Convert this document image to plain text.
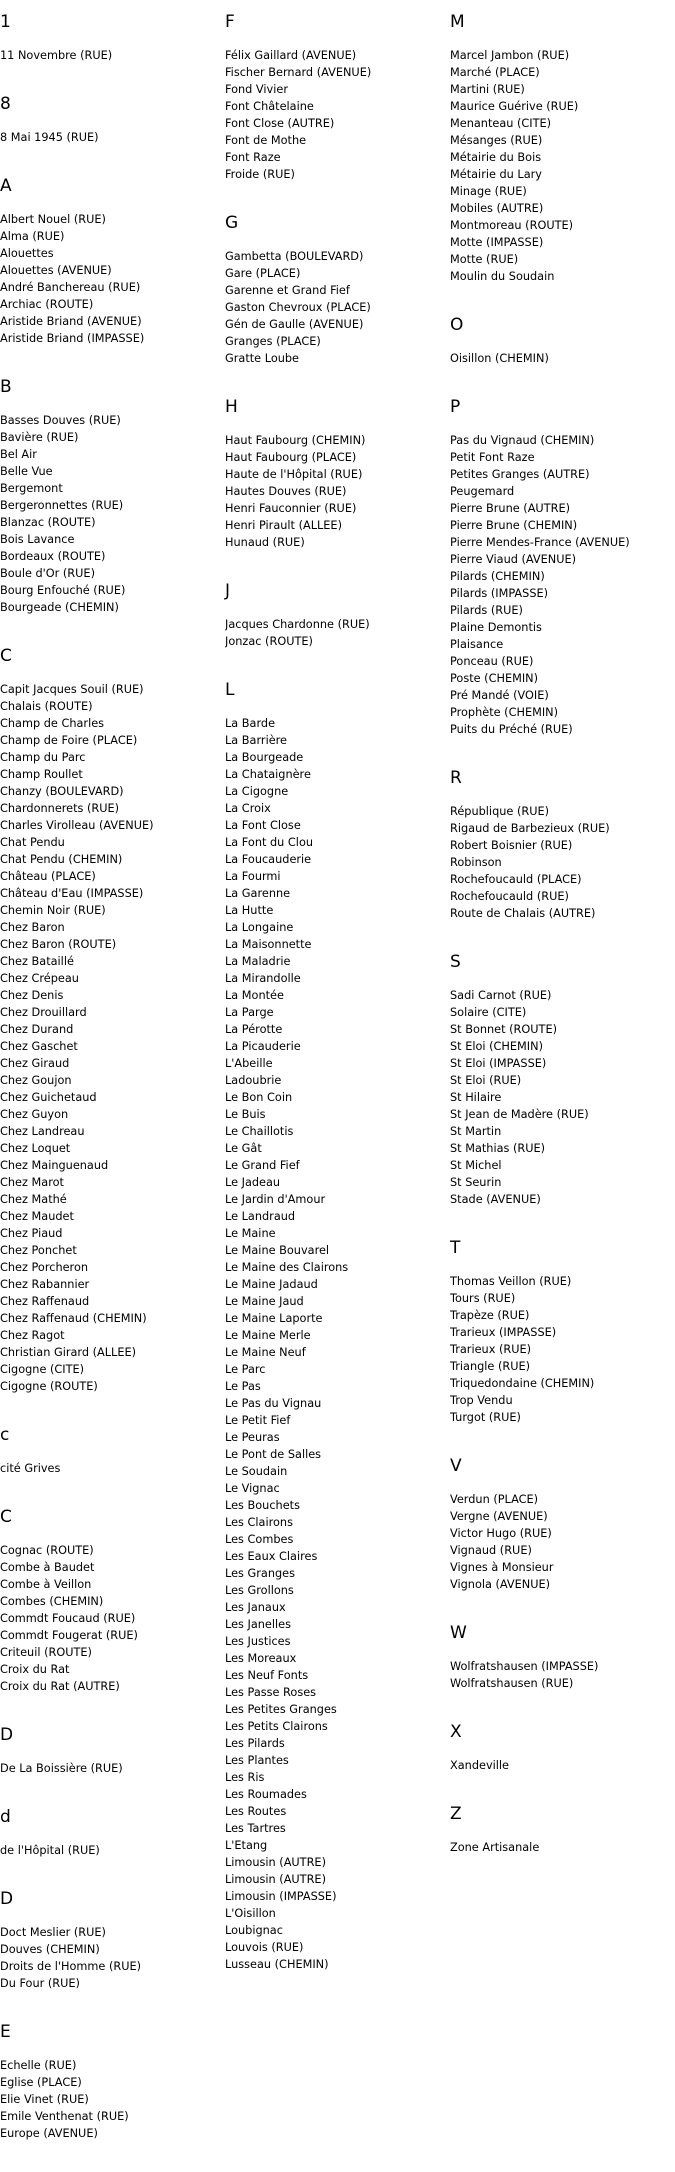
1
11 Novembre (RUE)
8
8 Mai 1945 (RUE)
A
Albert Nouel (RUE)
Alma (RUE)
Alouettes
Alouettes (AVENUE)
André Banchereau (RUE)
Archiac (ROUTE)
Aristide Briand (AVENUE)
Aristide Briand (IMPASSE)
B
Basses Douves (RUE)
Bavière (RUE)
Bel Air
Belle Vue
Bergemont
Bergeronnettes (RUE)
Blanzac (ROUTE)
Bois Lavance
Bordeaux (ROUTE)
Boule d'Or (RUE)
Bourg Enfouché (RUE)
Bourgeade (CHEMIN)
C
Capit Jacques Souil (RUE)
Chalais (ROUTE)
Champ de Charles
Champ de Foire (PLACE)
Champ du Parc
Champ Roullet
Chanzy (BOULEVARD)
Chardonnerets (RUE)
Charles Virolleau (AVENUE)
Chat Pendu
Chat Pendu (CHEMIN)
Château (PLACE)
Château d'Eau (IMPASSE)
Chemin Noir (RUE)
Chez Baron
Chez Baron (ROUTE)
Chez Bataillé
Chez Crépeau
Chez Denis
Chez Drouillard
Chez Durand
Chez Gaschet
Chez Giraud
Chez Goujon
Chez Guichetaud
Chez Guyon
Chez Landreau
Chez Loquet
Chez Mainguenaud
Chez Marot
Chez Mathé
Chez Maudet
Chez Piaud
Chez Ponchet
Chez Porcheron
Chez Rabannier
Chez Raffenaud
Chez Raffenaud (CHEMIN)
Chez Ragot
Christian Girard (ALLEE)
Cigogne (CITE)
Cigogne (ROUTE)
c
cité Grives
C
Cognac (ROUTE)
Combe à Baudet
Combe à Veillon
Combes (CHEMIN)
Commdt Foucaud (RUE)
Commdt Fougerat (RUE)
Criteuil (ROUTE)
Croix du Rat
Croix du Rat (AUTRE)
D
De La Boissière (RUE)
d
de l'Hôpital (RUE)
D
Doct Meslier (RUE)
Douves (CHEMIN)
Droits de l'Homme (RUE)
Du Four (RUE)
E
Echelle (RUE)
Eglise (PLACE)
Elie Vinet (RUE)
Emile Venthenat (RUE)
Europe (AVENUE)
F
Félix Gaillard (AVENUE)
Fischer Bernard (AVENUE)
Fond Vivier
Font Châtelaine
Font Close (AUTRE)
Font de Mothe
Font Raze
Froide (RUE)
G
Gambetta (BOULEVARD)
Gare (PLACE)
Garenne et Grand Fief
Gaston Chevroux (PLACE)
Gén de Gaulle (AVENUE)
Granges (PLACE)
Gratte Loube
H
Haut Faubourg (CHEMIN)
Haut Faubourg (PLACE)
Haute de l'Hôpital (RUE)
Hautes Douves (RUE)
Henri Fauconnier (RUE)
Henri Pirault (ALLEE)
Hunaud (RUE)
J
Jacques Chardonne (RUE)
Jonzac (ROUTE)
L
La Barde
La Barrière
La Bourgeade
La Chataignère
La Cigogne
La Croix
La Font Close
La Font du Clou
La Foucauderie
La Fourmi
La Garenne
La Hutte
La Longaine
La Maisonnette
La Maladrie
La Mirandolle
La Montée
La Parge
La Pérotte
La Picauderie
L'Abeille
Ladoubrie
Le Bon Coin
Le Buis
Le Chaillotis
Le Gât
Le Grand Fief
Le Jadeau
Le Jardin d'Amour
Le Landraud
Le Maine
Le Maine Bouvarel
Le Maine des Clairons
Le Maine Jadaud
Le Maine Jaud
Le Maine Laporte
Le Maine Merle
Le Maine Neuf
Le Parc
Le Pas
Le Pas du Vignau
Le Petit Fief
Le Peuras
Le Pont de Salles
Le Soudain
Le Vignac
Les Bouchets
Les Clairons
Les Combes
Les Eaux Claires
Les Granges
Les Grollons
Les Janaux
Les Janelles
Les Justices
Les Moreaux
Les Neuf Fonts
Les Passe Roses
Les Petites Granges
Les Petits Clairons
Les Pilards
Les Plantes
Les Ris
Les Roumades
Les Routes
Les Tartres
L'Etang
Limousin (AUTRE)
Limousin (AUTRE)
Limousin (IMPASSE)
L'Oisillon
Loubignac
Louvois (RUE)
Lusseau (CHEMIN)
M
Marcel Jambon (RUE)
Marché (PLACE)
Martini (RUE)
Maurice Guérive (RUE)
Menanteau (CITE)
Mésanges (RUE)
Métairie du Bois
Métairie du Lary
Minage (RUE)
Mobiles (AUTRE)
Montmoreau (ROUTE)
Motte (IMPASSE)
Motte (RUE)
Moulin du Soudain
O
Oisillon (CHEMIN)
P
Pas du Vignaud (CHEMIN)
Petit Font Raze
Petites Granges (AUTRE)
Peugemard
Pierre Brune (AUTRE)
Pierre Brune (CHEMIN)
Pierre Mendes-France (AVENUE)
Pierre Viaud (AVENUE)
Pilards (CHEMIN)
Pilards (IMPASSE)
Pilards (RUE)
Plaine Demontis
Plaisance
Ponceau (RUE)
Poste (CHEMIN)
Pré Mandé (VOIE)
Prophète (CHEMIN)
Puits du Préché (RUE)
R
République (RUE)
Rigaud de Barbezieux (RUE)
Robert Boisnier (RUE)
Robinson
Rochefoucauld (PLACE)
Rochefoucauld (RUE)
Route de Chalais (AUTRE)
S
Sadi Carnot (RUE)
Solaire (CITE)
St Bonnet (ROUTE)
St Eloi (CHEMIN)
St Eloi (IMPASSE)
St Eloi (RUE)
St Hilaire
St Jean de Madère (RUE)
St Martin
St Mathias (RUE)
St Michel
St Seurin
Stade (AVENUE)
T
Thomas Veillon (RUE)
Tours (RUE)
Trapèze (RUE)
Trarieux (IMPASSE)
Trarieux (RUE)
Triangle (RUE)
Triquedondaine (CHEMIN)
Trop Vendu
Turgot (RUE)
V
Verdun (PLACE)
Vergne (AVENUE)
Victor Hugo (RUE)
Vignaud (RUE)
Vignes à Monsieur
Vignola (AVENUE)
W
Wolfratshausen (IMPASSE)
Wolfratshausen (RUE)
X
Xandeville
Z
Zone Artisanale
